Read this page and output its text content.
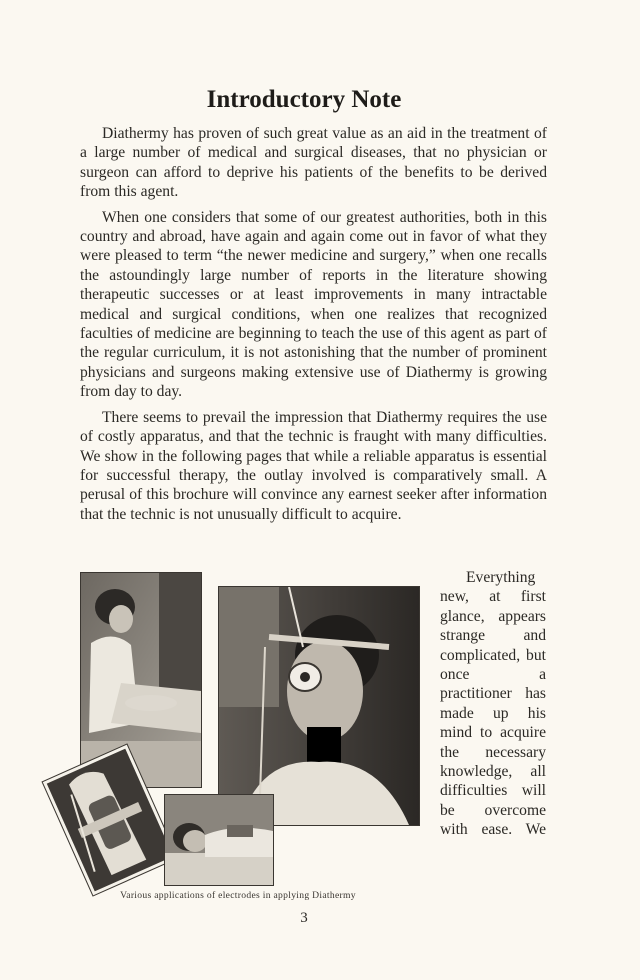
Introductory Note

Diathermy has proven of such great value as an aid in the treatment of a large number of medical and surgical diseases, that no physician or surgeon can afford to deprive his patients of the benefits to be derived from this agent.

When one considers that some of our greatest authorities, both in this country and abroad, have again and again come out in favor of what they were pleased to term “the newer medicine and surgery,” when one recalls the astoundingly large number of reports in the literature showing therapeutic successes or at least improvements in many intractable medical and surgical conditions, when one realizes that recognized faculties of medicine are beginning to teach the use of this agent as part of the regular curriculum, it is not astonishing that the number of prominent physicians and surgeons making extensive use of Diathermy is growing from day to day.

There seems to prevail the impression that Diathermy requires the use of costly apparatus, and that the technic is fraught with many difficulties. We show in the following pages that while a reliable apparatus is essential for successful therapy, the outlay involved is comparatively small. A perusal of this brochure will convince any earnest seeker after information that the technic is not unusually difficult to acquire.

Everything new, at first glance, appears strange and complicated, but once a practitioner has made up his mind to acquire the necessary knowledge, all difficulties will be overcome with ease. We

Various applications of electrodes in applying Diathermy
3
